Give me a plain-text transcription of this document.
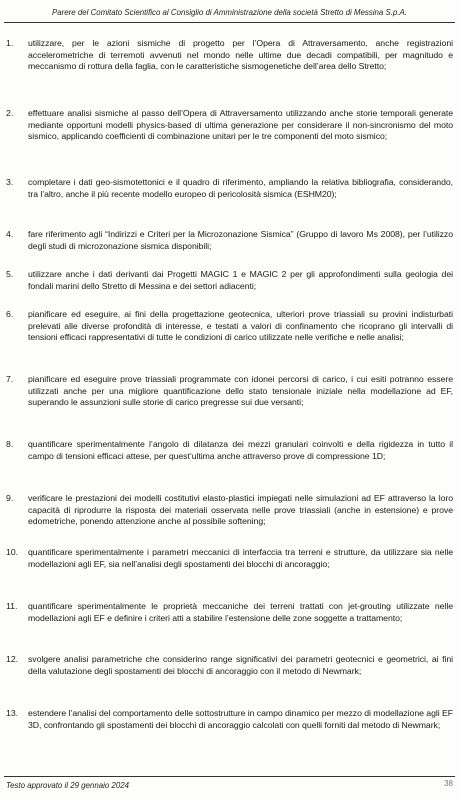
Parere del Comitato Scientifico al Consiglio di Amministrazione della società Stretto di Messina S.p.A.
1. utilizzare, per le azioni sismiche di progetto per l’Opera di Attraversamento, anche registrazioni accelerometriche di terremoti avvenuti nel mondo nelle ultime due decadi compatibili, per magnitudo e meccanismo di rottura della faglia, con le caratteristiche sismogenetiche dell’area dello Stretto;
2. effettuare analisi sismiche al passo dell’Opera di Attraversamento utilizzando anche storie temporali generate mediante opportuni modelli physics-based di ultima generazione per considerare il non-sincronismo del moto sismico, applicando coefficienti di combinazione unitari per le tre componenti del moto sismico;
3. completare i dati geo-sismotettonici e il quadro di riferimento, ampliando la relativa bibliografia, considerando, tra l’altro, anche il più recente modello europeo di pericolosità sismica (ESHM20);
4. fare riferimento agli “Indirizzi e Criteri per la Microzonazione Sismica” (Gruppo di lavoro Ms 2008), per l’utilizzo degli studi di microzonazione sismica disponibili;
5. utilizzare anche i dati derivanti dai Progetti MAGIC 1 e MAGIC 2 per gli approfondimenti sulla geologia dei fondali marini dello Stretto di Messina e dei settori adiacenti;
6. pianificare ed eseguire, ai fini della progettazione geotecnica, ulteriori prove triassiali su provini indisturbati prelevati alle diverse profondità di interesse, e testati a valori di confinamento che ricoprano gli intervalli di tensioni efficaci rappresentativi di tutte le condizioni di carico utilizzate nelle verifiche e nelle analisi;
7. pianificare ed eseguire prove triassiali programmate con idonei percorsi di carico, i cui esiti potranno essere utilizzati anche per una migliore quantificazione dello stato tensionale iniziale nella modellazione ad EF, superando le assunzioni sulle storie di carico pregresse sui due versanti;
8. quantificare sperimentalmente l’angolo di dilatanza dei mezzi granulari coinvolti e della rigidezza in tutto il campo di tensioni efficaci attese, per quest’ultima anche attraverso prove di compressione 1D;
9. verificare le prestazioni dei modelli costitutivi elasto-plastici impiegati nelle simulazioni ad EF attraverso la loro capacità di riprodurre la risposta dei materiali osservata nelle prove triassiali (anche in estensione) e prove edometriche, ponendo attenzione anche al possibile softening;
10. quantificare sperimentalmente i parametri meccanici di interfaccia tra terreni e strutture, da utilizzare sia nelle modellazioni agli EF, sia nell’analisi degli spostamenti dei blocchi di ancoraggio;
11. quantificare sperimentalmente le proprietà meccaniche dei terreni trattati con jet-grouting utilizzate nelle modellazioni agli EF e definire i criteri atti a stabilire l’estensione delle zone soggette a trattamento;
12. svolgere analisi parametriche che considerino range significativi dei parametri geotecnici e geometrici, ai fini della valutazione degli spostamenti dei blocchi di ancoraggio con il metodo di Newmark;
13. estendere l’analisi del comportamento delle sottostrutture in campo dinamico per mezzo di modellazione agli EF 3D, confrontando gli spostamenti dei blocchi di ancoraggio calcolati con quelli forniti dal metodo di Newmark;
Testo approvato il 29 gennaio 2024	38
